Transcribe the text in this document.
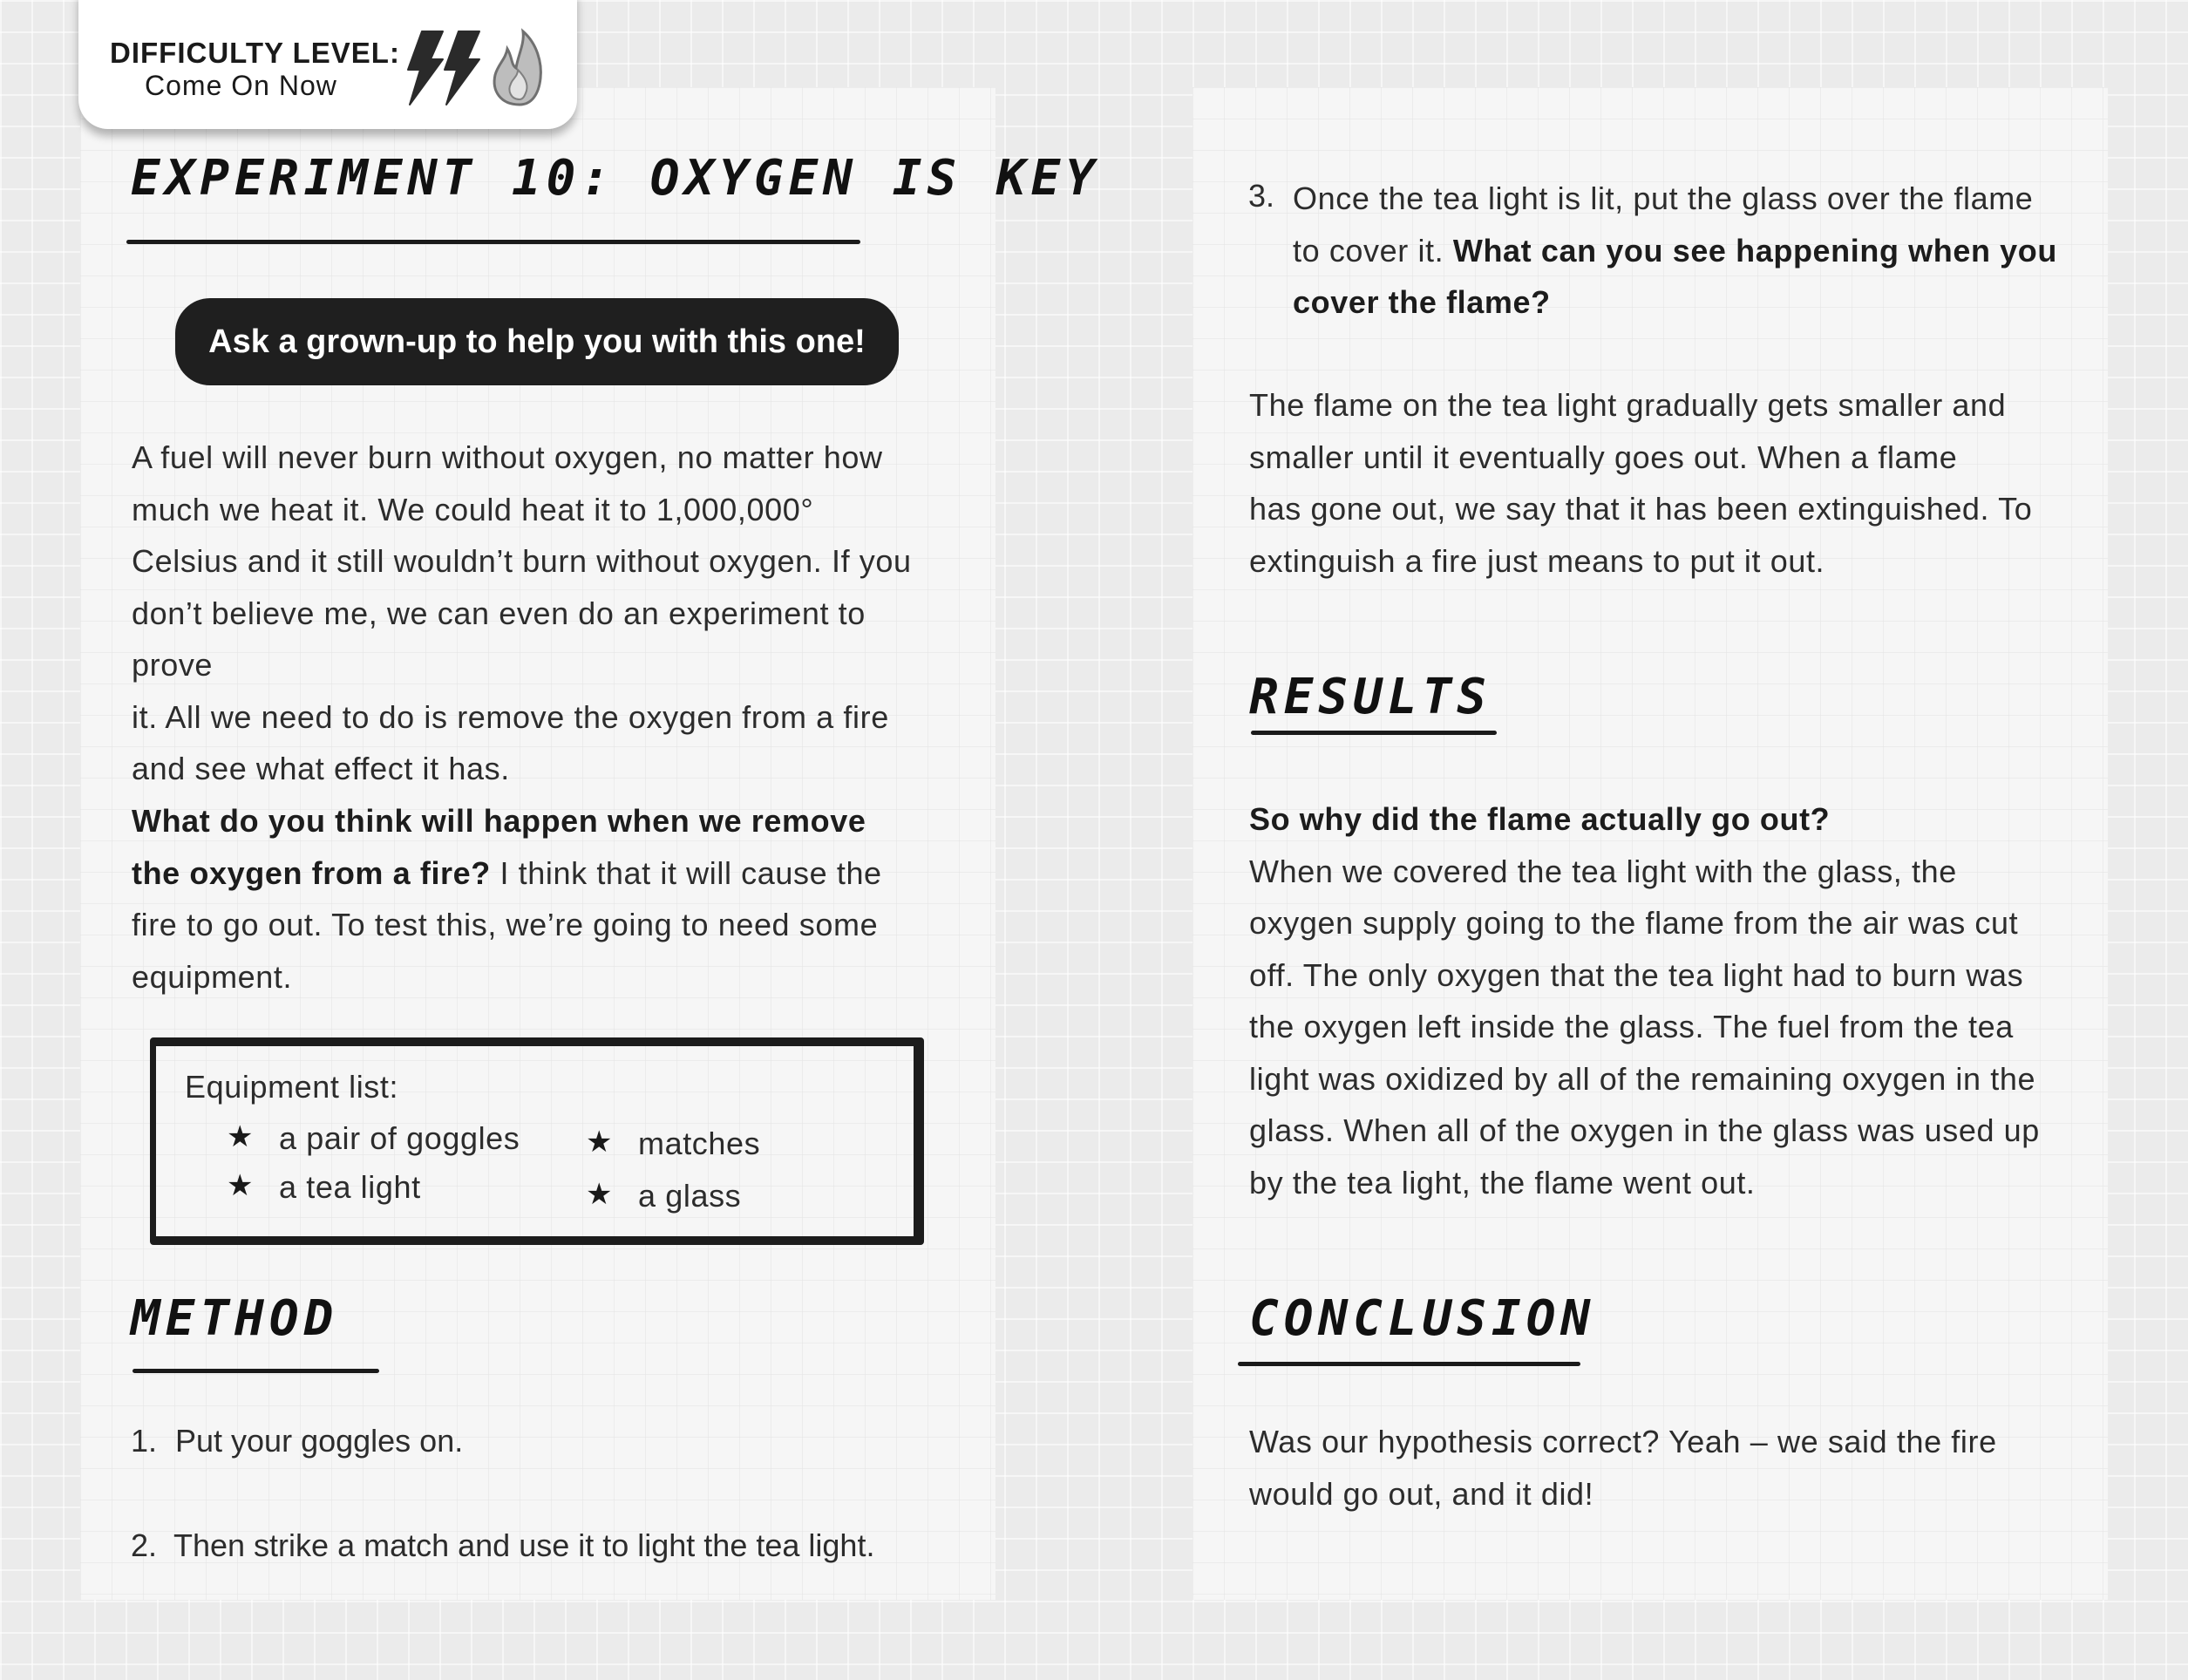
DIFFICULTY LEVEL:
Come On Now
EXPERIMENT 10: OXYGEN IS KEY
Ask a grown-up to help you with this one!
A fuel will never burn without oxygen, no matter how
much we heat it. We could heat it to 1,000,000°
Celsius and it still wouldn’t burn without oxygen. If you
don’t believe me, we can even do an experiment to prove
it. All we need to do is remove the oxygen from a fire
and see what effect it has.
What do you think will happen when we remove
the oxygen from a fire? I think that it will cause the
fire to go out. To test this, we’re going to need some
equipment.
Equipment list:
★ a pair of goggles
★ a tea light
★ matches
★ a glass
METHOD
1. Put your goggles on.
2. Then strike a match and use it to light the tea light.
3. Once the tea light is lit, put the glass over the flame
to cover it. What can you see happening when you
cover the flame?
The flame on the tea light gradually gets smaller and
smaller until it eventually goes out. When a flame
has gone out, we say that it has been extinguished. To
extinguish a fire just means to put it out.
RESULTS
So why did the flame actually go out?
When we covered the tea light with the glass, the
oxygen supply going to the flame from the air was cut
off. The only oxygen that the tea light had to burn was
the oxygen left inside the glass. The fuel from the tea
light was oxidized by all of the remaining oxygen in the
glass. When all of the oxygen in the glass was used up
by the tea light, the flame went out.
CONCLUSION
Was our hypothesis correct? Yeah – we said the fire
would go out, and it did!
